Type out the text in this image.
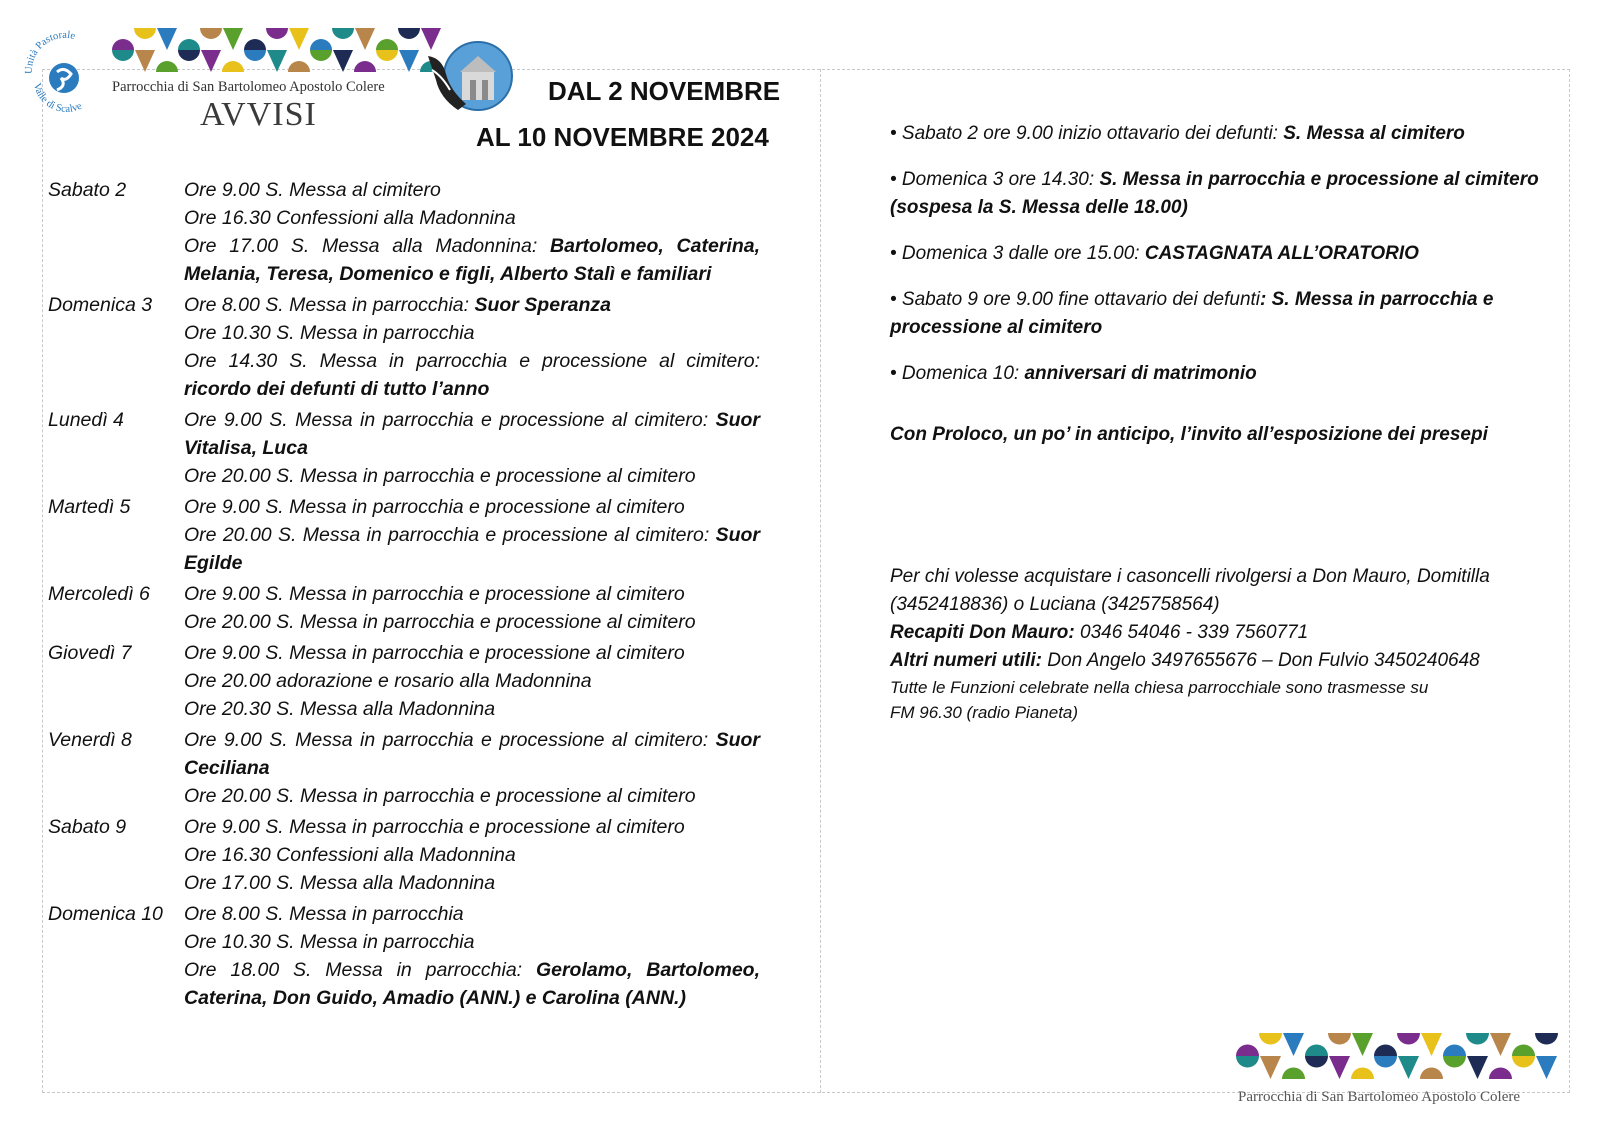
Unità Pastorale
Valle di Scalve
Parrocchia di San Bartolomeo Apostolo Colere
AVVISI
DAL 2 NOVEMBRE
AL 10 NOVEMBRE 2024
Sabato 2	Ore 9.00 S. Messa al cimitero
Ore 16.30 Confessioni alla Madonnina
Ore 17.00 S. Messa alla Madonnina: Bartolomeo, Caterina, Melania, Teresa, Domenico e figli, Alberto Stalì e familiari
Domenica 3	Ore 8.00 S. Messa in parrocchia: Suor Speranza
Ore 10.30 S. Messa in parrocchia
Ore 14.30 S. Messa in parrocchia e processione al cimitero: ricordo dei defunti di tutto l’anno
Lunedì 4	Ore 9.00 S. Messa in parrocchia e processione al cimitero: Suor Vitalisa, Luca
Ore 20.00 S. Messa in parrocchia e processione al cimitero
Martedì 5	Ore 9.00 S. Messa in parrocchia e processione al cimitero
Ore 20.00 S. Messa in parrocchia e processione al cimitero: Suor Egilde
Mercoledì 6	Ore 9.00 S. Messa in parrocchia e processione al cimitero
Ore 20.00 S. Messa in parrocchia e processione al cimitero
Giovedì 7	Ore 9.00 S. Messa in parrocchia e processione al cimitero
Ore 20.00 adorazione e rosario alla Madonnina
Ore 20.30 S. Messa alla Madonnina
Venerdì 8	Ore 9.00 S. Messa in parrocchia e processione al cimitero: Suor Ceciliana
Ore 20.00 S. Messa in parrocchia e processione al cimitero
Sabato 9	Ore 9.00 S. Messa in parrocchia e processione al cimitero
Ore 16.30 Confessioni alla Madonnina
Ore 17.00 S. Messa alla Madonnina
Domenica 10	Ore 8.00 S. Messa in parrocchia
Ore 10.30 S. Messa in parrocchia
Ore 18.00 S. Messa in parrocchia: Gerolamo, Bartolomeo, Caterina, Don Guido, Amadio (ANN.) e Carolina (ANN.)
• Sabato 2 ore 9.00 inizio ottavario dei defunti: S. Messa al cimitero
• Domenica 3 ore 14.30: S. Messa in parrocchia e processione al cimitero (sospesa la S. Messa delle 18.00)
• Domenica 3 dalle ore 15.00: CASTAGNATA ALL’ORATORIO
• Sabato 9 ore 9.00 fine ottavario dei defunti: S. Messa in parrocchia e processione al cimitero
• Domenica 10: anniversari di matrimonio
Con Proloco, un po’ in anticipo, l’invito all’esposizione dei presepi
Per chi volesse acquistare i casoncelli rivolgersi a Don Mauro, Domitilla (3452418836) o Luciana (3425758564)
Recapiti Don Mauro: 0346 54046 - 339 7560771
Altri numeri utili: Don Angelo 3497655676 – Don Fulvio 3450240648
Tutte le Funzioni celebrate nella chiesa parrocchiale sono trasmesse su
FM 96.30 (radio Pianeta)
Parrocchia di San Bartolomeo Apostolo Colere
